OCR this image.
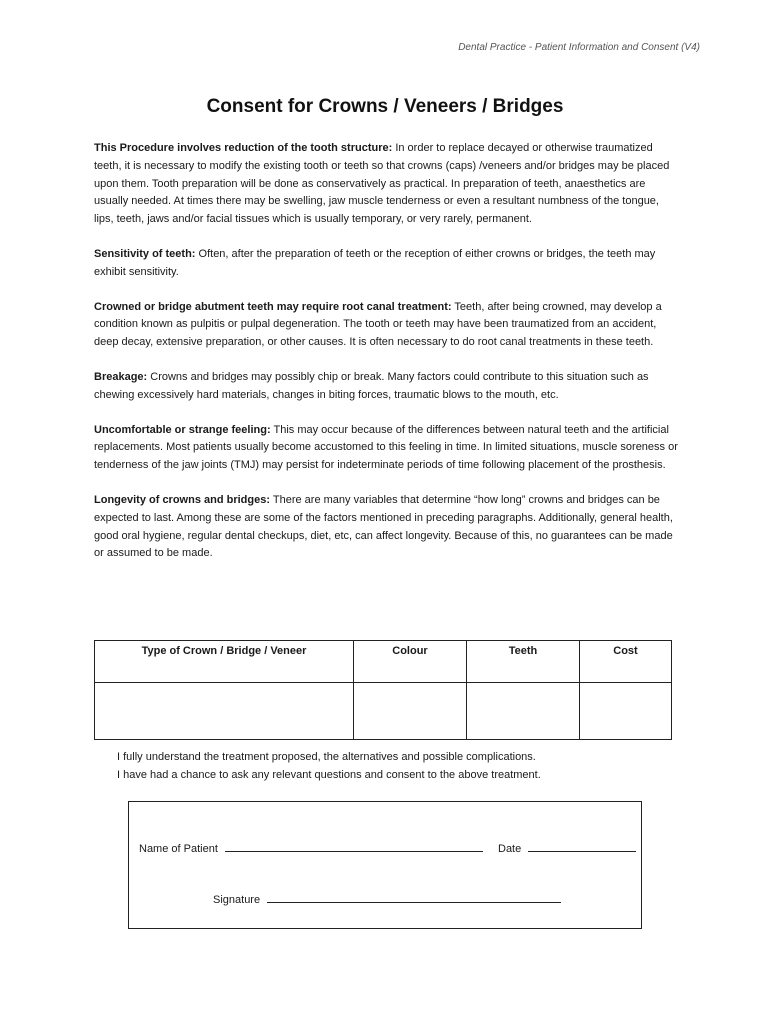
Dental Practice - Patient Information and Consent (V4)
Consent for Crowns / Veneers / Bridges

This Procedure involves reduction of the tooth structure: In order to replace decayed or otherwise traumatized teeth, it is necessary to modify the existing tooth or teeth so that crowns (caps) /veneers and/or bridges may be placed upon them. Tooth preparation will be done as conservatively as practical. In preparation of teeth, anaesthetics are usually needed. At times there may be swelling, jaw muscle tenderness or even a resultant numbness of the tongue, lips, teeth, jaws and/or facial tissues which is usually temporary, or very rarely, permanent.

Sensitivity of teeth: Often, after the preparation of teeth or the reception of either crowns or bridges, the teeth may exhibit sensitivity.

Crowned or bridge abutment teeth may require root canal treatment: Teeth, after being crowned, may develop a condition known as pulpitis or pulpal degeneration. The tooth or teeth may have been traumatized from an accident, deep decay, extensive preparation, or other causes. It is often necessary to do root canal treatments in these teeth.

Breakage: Crowns and bridges may possibly chip or break. Many factors could contribute to this situation such as chewing excessively hard materials, changes in biting forces, traumatic blows to the mouth, etc.

Uncomfortable or strange feeling: This may occur because of the differences between natural teeth and the artificial replacements. Most patients usually become accustomed to this feeling in time. In limited situations, muscle soreness or tenderness of the jaw joints (TMJ) may persist for indeterminate periods of time following placement of the prosthesis.

Longevity of crowns and bridges: There are many variables that determine “how long” crowns and bridges can be expected to last. Among these are some of the factors mentioned in preceding paragraphs. Additionally, general health, good oral hygiene, regular dental checkups, diet, etc, can affect longevity. Because of this, no guarantees can be made or assumed to be made.

Type of Crown / Bridge / Veneer	Colour	Teeth	Cost

I fully understand the treatment proposed, the alternatives and possible complications.
I have had a chance to ask any relevant questions and consent to the above treatment.
Name of Patient	Date
Signature
